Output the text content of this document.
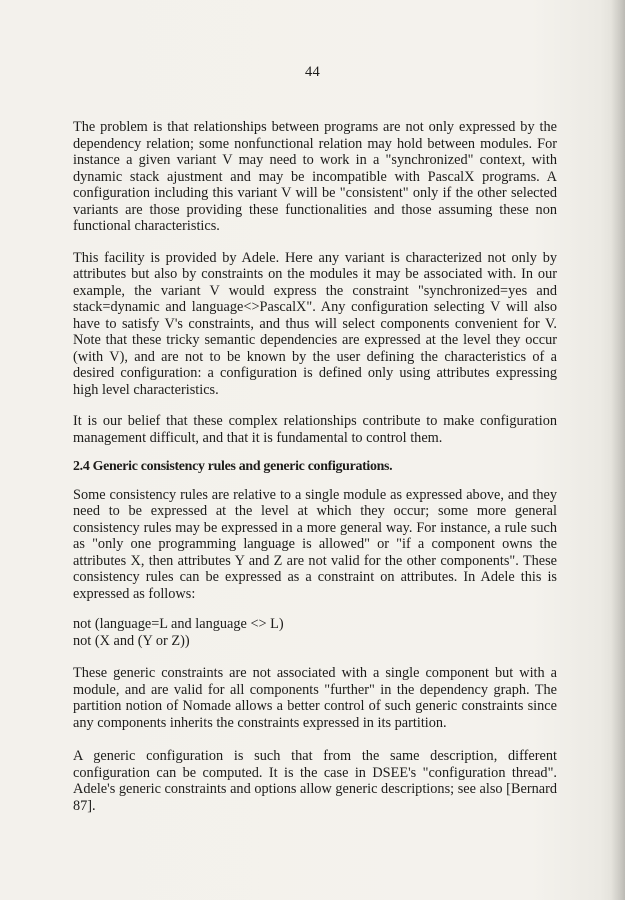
44

The problem is that relationships between programs are not only expressed by the dependency relation; some nonfunctional relation may hold between modules. For instance a given variant V may need to work in a "synchronized" context, with dynamic stack ajustment and may be incompatible with PascalX programs. A configuration including this variant V will be "consistent" only if the other selected variants are those providing these functionalities and those assuming these non functional characteristics.

This facility is provided by Adele. Here any variant is characterized not only by attributes but also by constraints on the modules it may be associated with. In our example, the variant V would express the constraint "synchronized=yes and stack=dynamic and language<>PascalX". Any configuration selecting V will also have to satisfy V's constraints, and thus will select components convenient for V. Note that these tricky semantic dependencies are expressed at the level they occur (with V), and are not to be known by the user defining the characteristics of a desired configuration: a configuration is defined only using attributes expressing high level characteristics.

It is our belief that these complex relationships contribute to make configuration management difficult, and that it is fundamental to control them.

2.4 Generic consistency rules and generic configurations.

Some consistency rules are relative to a single module as expressed above, and they need to be expressed at the level at which they occur; some more general consistency rules may be expressed in a more general way. For instance, a rule such as "only one programming language is allowed" or "if a component owns the attributes X, then attributes Y and Z are not valid for the other components". These consistency rules can be expressed as a constraint on attributes. In Adele this is expressed as follows:

not (language=L and language <> L)
not (X and (Y or Z))

These generic constraints are not associated with a single component but with a module, and are valid for all components "further" in the dependency graph. The partition notion of Nomade allows a better control of such generic constraints since any components inherits the constraints expressed in its partition.

A generic configuration is such that from the same description, different configuration can be computed. It is the case in DSEE's "configuration thread". Adele's generic constraints and options allow generic descriptions; see also [Bernard 87].
